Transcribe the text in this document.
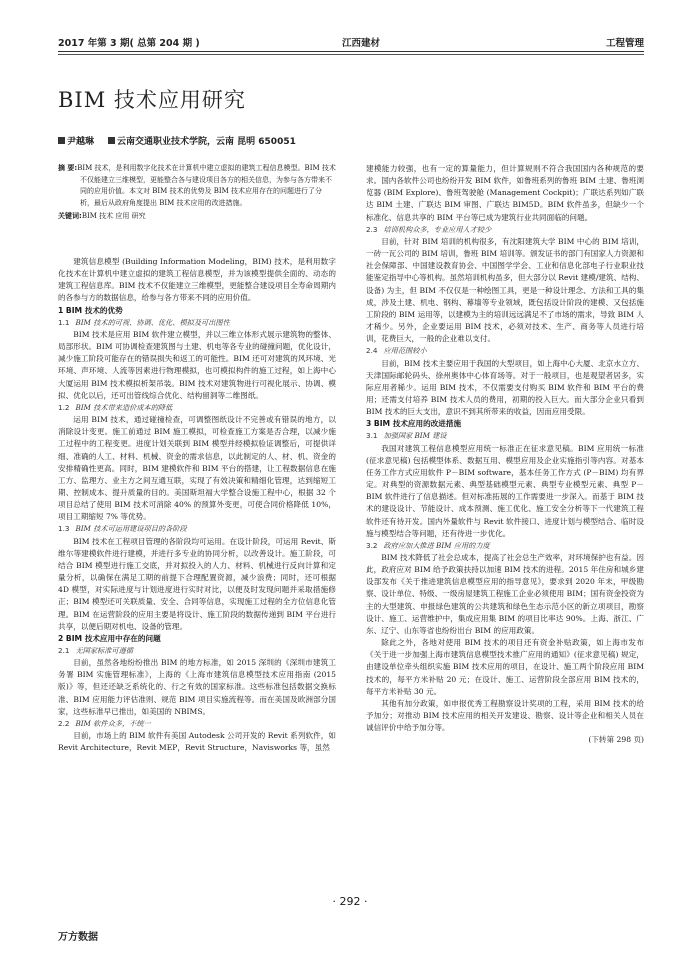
2017 年第 3 期( 总第 204 期 )	江西建材	工程管理
BIM 技术应用研究
尹越琳	云南交通职业技术学院，云南 昆明 650051
摘 要:BIM 技术，是利用数字化技术在计算机中建立虚拟的建筑工程信息模型。BIM 技术不仅能建立三维模型，更能整合各与建设项目各方的相关信息，为参与各方带来不同的应用价值。本文对 BIM 技术的优势及 BIM 技术应用存在的问题进行了分析，最后从政府角度提出 BIM 技术应用的改进措施。
关键词:BIM 技术 应用 研究

建筑信息模型 (Building Information Modeling，BIM) 技术，是利用数字化技术在计算机中建立虚拟的建筑工程信息模型，并为该模型提供全面的、动态的建筑工程信息库。BIM 技术不仅能建立三维模型，更能整合建设项目全寿命周期内的各参与方的数据信息，给参与各方带来不同的应用价值。

1 BIM 技术的优势
1.1 BIM 技术的可视、协调、优化、模拟及可出图性

BIM 技术是应用 BIM 软件建立模型，并以三维立体形式展示建筑物的整体、局部形状。BIM 可协调检查建筑图与土建、机电等各专业的碰撞问题，优化设计，减少施工阶段可能存在的错误损失和返工的可能性。BIM 还可对建筑的风环境、光环境、声环境、人流等因素进行物理模拟，也可模拟构件的施工过程，如上海中心大厦运用 BIM 技术模拟析架吊装。BIM 技术对建筑物进行可视化展示、协调、模拟、优化以后，还可出管线综合优化、结构留洞等二维图纸。

1.2 BIM 技术带来造价成本的降低

运用 BIM 技术，通过碰撞检查，可调整图纸设计不完善或有错误的地方，以消除设计变更。施工前通过 BIM 施工模拟，可检查施工方案是否合理，以减少施工过程中的工程变更。进度计划关联到 BIM 模型并经模拟验证调整后，可提供详细、准确的人工、材料、机械、资金的需求信息，以此制定的人、材、机、资金的安排精确性更高。同时，BIM 建模软件和 BIM 平台的搭建，让工程数据信息在施工方、监理方、业主方之间互通互联，实现了有效决策和精细化管理，达到缩短工期、控制成本、提升质量的目的。美国斯坦福大学整合设施工程中心，根据 32 个项目总结了使用 BIM 技术可消除 40% 的预算外变更，可使合同价格降低 10%，项目工期缩短 7% 等优势。

1.3 BIM 技术可运用建设项目的各阶段

BIM 技术在工程项目管理的各阶段均可运用。在设计阶段，可运用 Revit、斯维尔等建模软件进行建模，并进行多专业的协同分析，以改善设计。施工阶段，可结合 BIM 模型进行施工交底，并对拟投入的人力、材料、机械进行反向计算和定量分析，以确保在满足工期的前提下合理配置资源，减少浪费；同时，还可根据 4D 模型，对实际进度与计划进度进行实时对比，以便及时发现问题并采取措施修正；BIM 模型还可关联质量、安全、合同等信息，实现施工过程的全方位信息化管理。BIM 在运营阶段的应用主要是将设计、施工阶段的数据传递到 BIM 平台进行共享，以便后期对机电、设备的管理。

2 BIM 技术应用中存在的问题
2.1 无国家标准可遵循

目前，虽然各地纷纷推出 BIM 的地方标准，如 2015 深圳的《深圳市建筑工务署 BIM 实施管理标准》，上海的《上海市建筑信息模型技术应用指南 (2015 版)》等，但还还缺乏系统化的、行之有效的国家标准。这些标准包括数据交换标准、BIM 应用能力评估准则、规范 BIM 项目实施流程等。而在美国及欧洲部分国家，这些标准早已推出，如美国的 NBIMS。

2.2 BIM 软件众多，不统一

目前，市场上的 BIM 软件有美国 Autodesk 公司开发的 Revit 系列软件，如 Revit Architecture，Revit MEP，Revit Structure，Navisworks 等，虽然

建模能力较强，也有一定的算量能力，但计算规则不符合我国国内各种规范的要求。国内各软件公司也纷纷开发 BIM 软件，如鲁班系列的鲁班 BIM 土建、鲁班浏览器 (BIM Explore)、鲁班驾驶舱 (Management Cockpit)；广联达系列如广联达 BIM 土建、广联达 BIM 审图、广联达 BIM5D。BIM 软件虽多，但缺少一个标准化、信息共享的 BIM 平台等已成为建筑行业共同面临的问题。

2.3 培训机构众多，专业应用人才较少

目前，针对 BIM 培训的机构很多，有沈阳建筑大学 BIM 中心的 BIM 培训，一砖一瓦公司的 BIM 培训，鲁班 BIM 培训等。颁发证书的部门有国家人力资源和社会保障部、中国建设教育协会、中国图学学会、工业和信息化部电子行业职业技能鉴定指导中心等机构。虽然培训机构虽多，但大部分以 Revit 建模/建筑、结构、设备) 为主，但 BIM 不仅仅是一种绘图工具，更是一种设计理念、方法和工具的集成，涉及土建、机电、钢构、幕墙等专业领域，既包括设计阶段的建模、又包括施工阶段的 BIM 运用等，以建模为主的培训远远满足不了市场的需求，导致 BIM 人才稀少。另外，企业要运用 BIM 技术，必须对技术、生产、商务等人员进行培训，花费巨大，一般的企业难以支付。

2.4 应用范围较小

目前，BIM 技术主要应用于我国的大型项目，如上海中心大厦、北京水立方、天津国际邮轮码头、徐州奥体中心体育场等。对于一般项目，也是观望者居多，实际应用者稀少。运用 BIM 技术，不仅需要支付购买 BIM 软件和 BIM 平台的费用；还需支付培养 BIM 技术人员的费用，初期的投入巨大。而大部分企业只看到 BIM 技术的巨大支出，意识不到其所带来的收益，因而应用受限。

3 BIM 技术应用的改进措施
3.1 加强国家 BIM 建设

我国对建筑工程信息模型应用统一标准正在征求意见稿。BIM 应用统一标准 (征求意见稿) 包括模型体系、数据互用、模型应用及企业实施指引等内容。对基本任务工作方式应用软件 P－BIM software，基本任务工作方式 (P－BIM) 均有界定。对典型的资源数据元素、典型基础模型元素、典型专业模型元素、典型 P－BIM 软件进行了信息描述。但对标准拓展的工作需要进一步深入。而基于 BIM 技术的建设设计、节能设计、成本预测、施工优化、施工安全分析等下一代建筑工程软件还有待开发。国内外量软件与 Revit 软件接口、进度计划与模型结合、临时设施与模型结合等问题，还有待进一步优化。

3.2 政府应加大推进 BIM 应用的力度

BIM 技术降低了社会总成本，提高了社会总生产效率，对环境保护也有益。因此，政府应对 BIM 给予政策扶持以加速 BIM 技术的进程。2015 年住房和城乡建设部发布《关于推进建筑信息模型应用的指导意见》，要求到 2020 年末，甲级勘察、设计单位、特级、一级房屋建筑工程施工企业必须使用 BIM；国有资金投资为主的大型建筑、申报绿色建筑的公共建筑和绿色生态示范小区的新立项项目，勘察设计、施工、运营维护中，集成应用集 BIM 的项目比率达 90%。上海、浙江、广东、辽宁、山东等省也纷纷出台 BIM 的应用政策。

除此之外，各地对使用 BIM 技术的项目还有资金补贴政策，如上海市发布《关于进一步加强上海市建筑信息模型技术推广应用的通知》(征求意见稿) 规定，由建设单位牵头组织实施 BIM 技术应用的项目，在设计、施工两个阶段应用 BIM 技术的，每平方米补贴 20 元；在设计、施工、运营阶段全部应用 BIM 技术的，每平方米补贴 30 元。

其他有加分政策，如申报优秀工程勘察设计奖项的工程，采用 BIM 技术的给予加分；对推动 BIM 技术应用的相关开发建设、勘察、设计等企业和相关人员在诚信评价中给予加分等。

(下转第 298 页)
· 292 ·
万方数据
